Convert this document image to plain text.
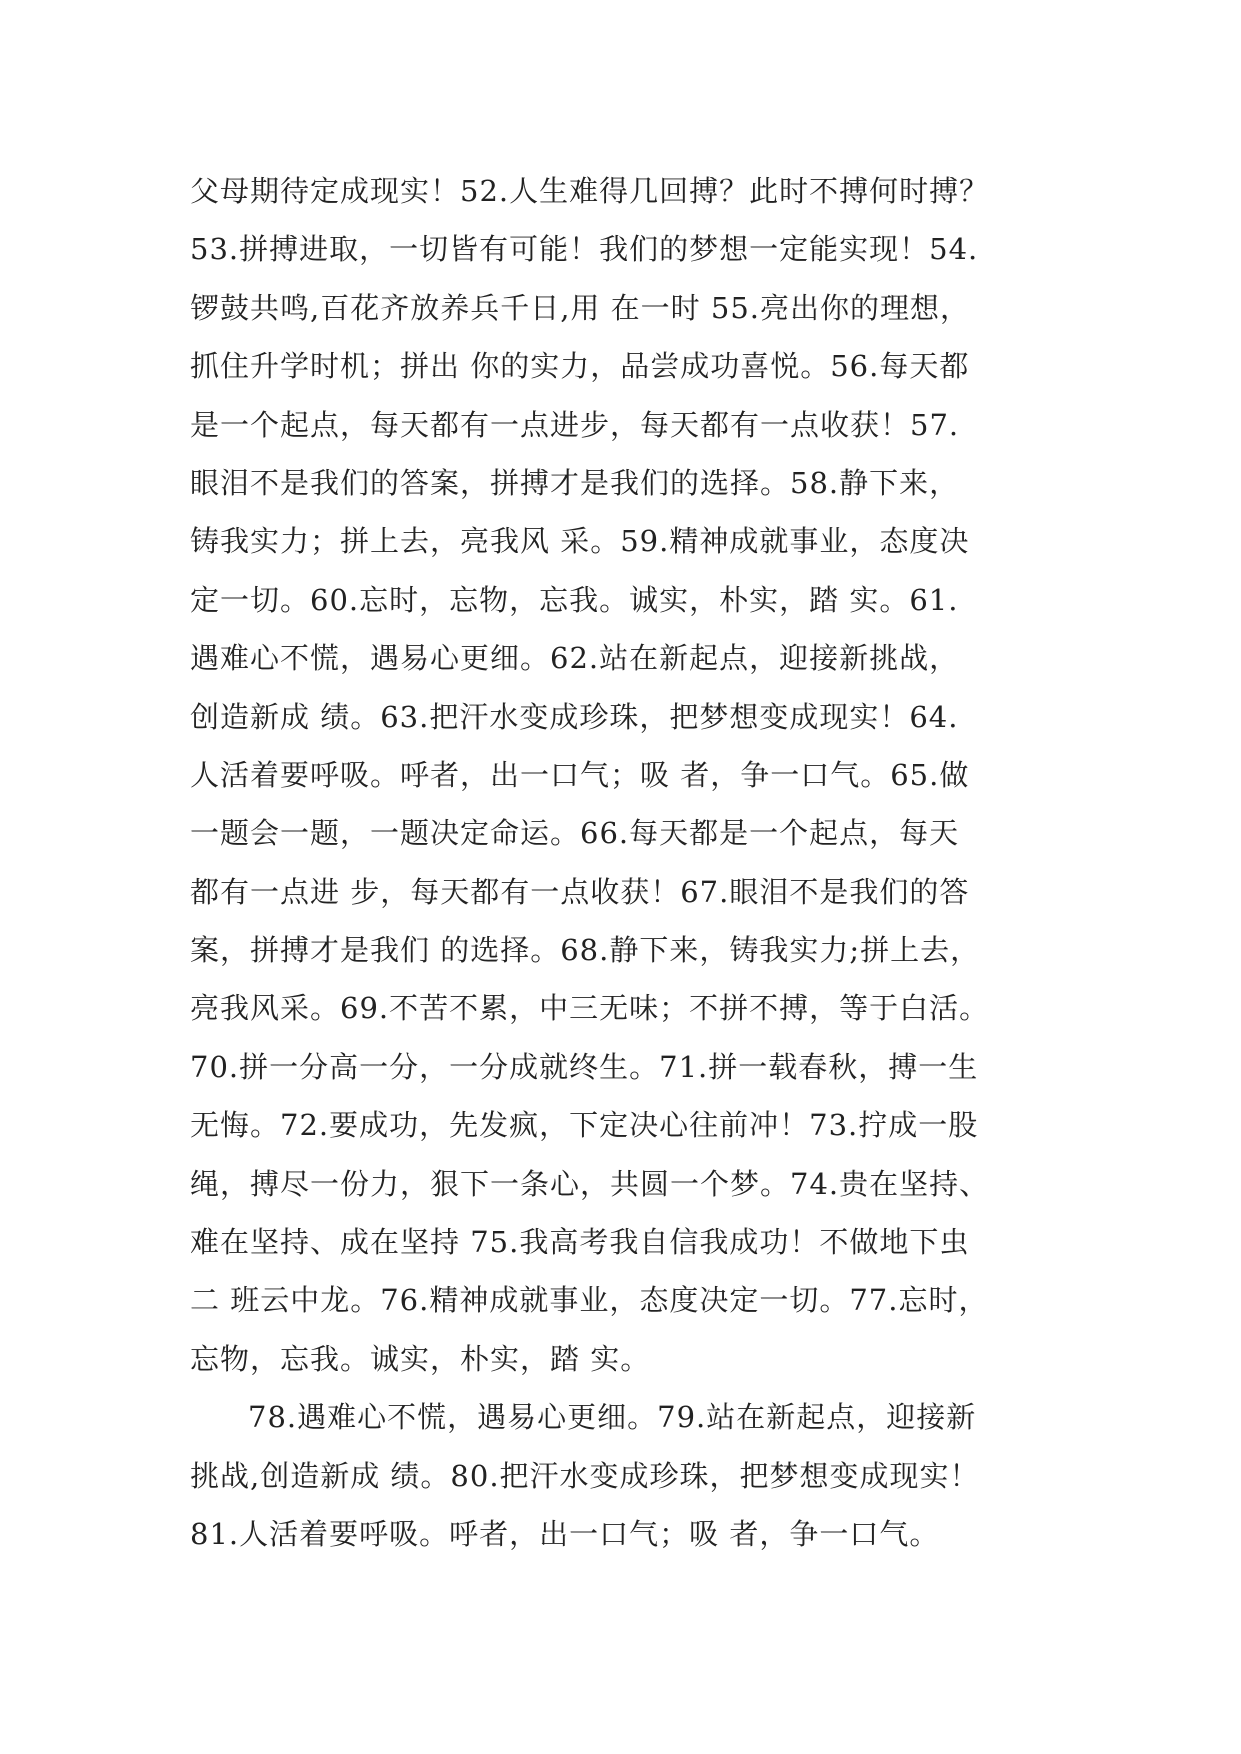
父母期待定成现实！52.人生难得几回搏？此时不搏何时搏？
53.拼搏进取，一切皆有可能！我们的梦想一定能实现！54.
锣鼓共鸣,百花齐放养兵千日,用 在一时 55.亮出你的理想，
抓住升学时机；拼出 你的实力，品尝成功喜悦。56.每天都
是一个起点，每天都有一点进步，每天都有一点收获！57.
眼泪不是我们的答案，拼搏才是我们的选择。58.静下来，
铸我实力；拼上去，亮我风 采。59.精神成就事业，态度决
定一切。60.忘时，忘物，忘我。诚实，朴实，踏 实。61.
遇难心不慌，遇易心更细。62.站在新起点，迎接新挑战，
创造新成 绩。63.把汗水变成珍珠，把梦想变成现实！64.
人活着要呼吸。呼者，出一口气；吸 者，争一口气。65.做
一题会一题，一题决定命运。66.每天都是一个起点，每天
都有一点进 步，每天都有一点收获！67.眼泪不是我们的答
案，拼搏才是我们 的选择。68.静下来，铸我实力;拼上去，
亮我风采。69.不苦不累，中三无味；不拼不搏，等于白活。
70.拼一分高一分，一分成就终生。71.拼一载春秋，搏一生
无悔。72.要成功，先发疯，下定决心往前冲！73.拧成一股
绳，搏尽一份力，狠下一条心，共圆一个梦。74.贵在坚持、
难在坚持、成在坚持 75.我高考我自信我成功！不做地下虫
二 班云中龙。76.精神成就事业，态度决定一切。77.忘时，
忘物，忘我。诚实，朴实，踏 实。
78.遇难心不慌，遇易心更细。79.站在新起点，迎接新
挑战,创造新成 绩。80.把汗水变成珍珠，把梦想变成现实！
81.人活着要呼吸。呼者，出一口气；吸 者，争一口气。
